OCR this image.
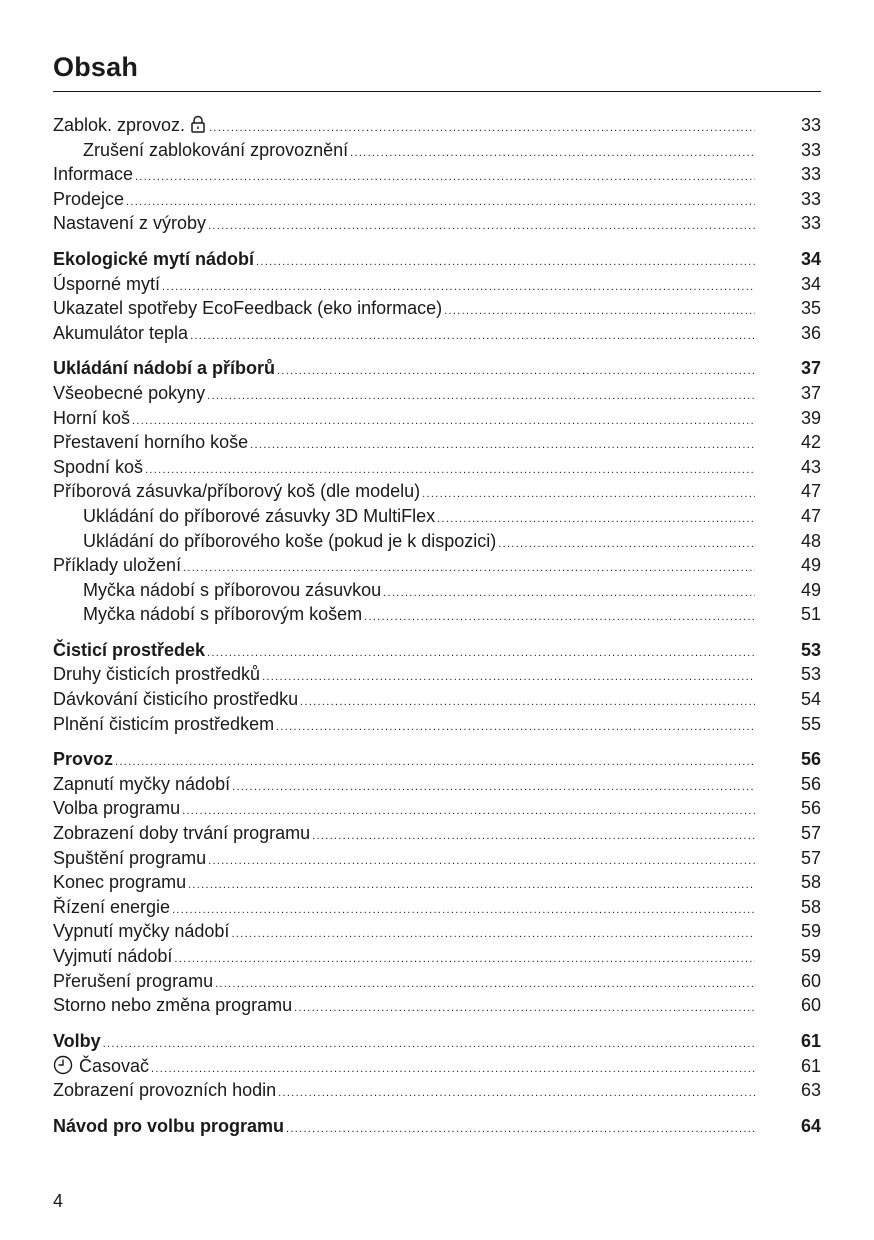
Obsah
Zablok. zprovoz. .....	33
Zrušení zablokování zprovoznění .....	33
Informace .....	33
Prodejce .....	33
Nastavení z výroby .....	33
Ekologické mytí nádobí .....	34
Úsporné mytí .....	34
Ukazatel spotřeby EcoFeedback (eko informace) .....	35
Akumulátor tepla .....	36
Ukládání nádobí a příborů .....	37
Všeobecné pokyny .....	37
Horní koš .....	39
Přestavení horního koše .....	42
Spodní koš .....	43
Příborová zásuvka/příborový koš (dle modelu) .....	47
Ukládání do příborové zásuvky 3D MultiFlex .....	47
Ukládání do příborového koše (pokud je k dispozici) .....	48
Příklady uložení .....	49
Myčka nádobí s příborovou zásuvkou .....	49
Myčka nádobí s příborovým košem .....	51
Čisticí prostředek .....	53
Druhy čisticích prostředků .....	53
Dávkování čisticího prostředku .....	54
Plnění čisticím prostředkem .....	55
Provoz .....	56
Zapnutí myčky nádobí .....	56
Volba programu .....	56
Zobrazení doby trvání programu .....	57
Spuštění programu .....	57
Konec programu .....	58
Řízení energie .....	58
Vypnutí myčky nádobí .....	59
Vyjmutí nádobí .....	59
Přerušení programu .....	60
Storno nebo změna programu .....	60
Volby .....	61
Časovač .....	61
Zobrazení provozních hodin .....	63
Návod pro volbu programu .....	64
4
